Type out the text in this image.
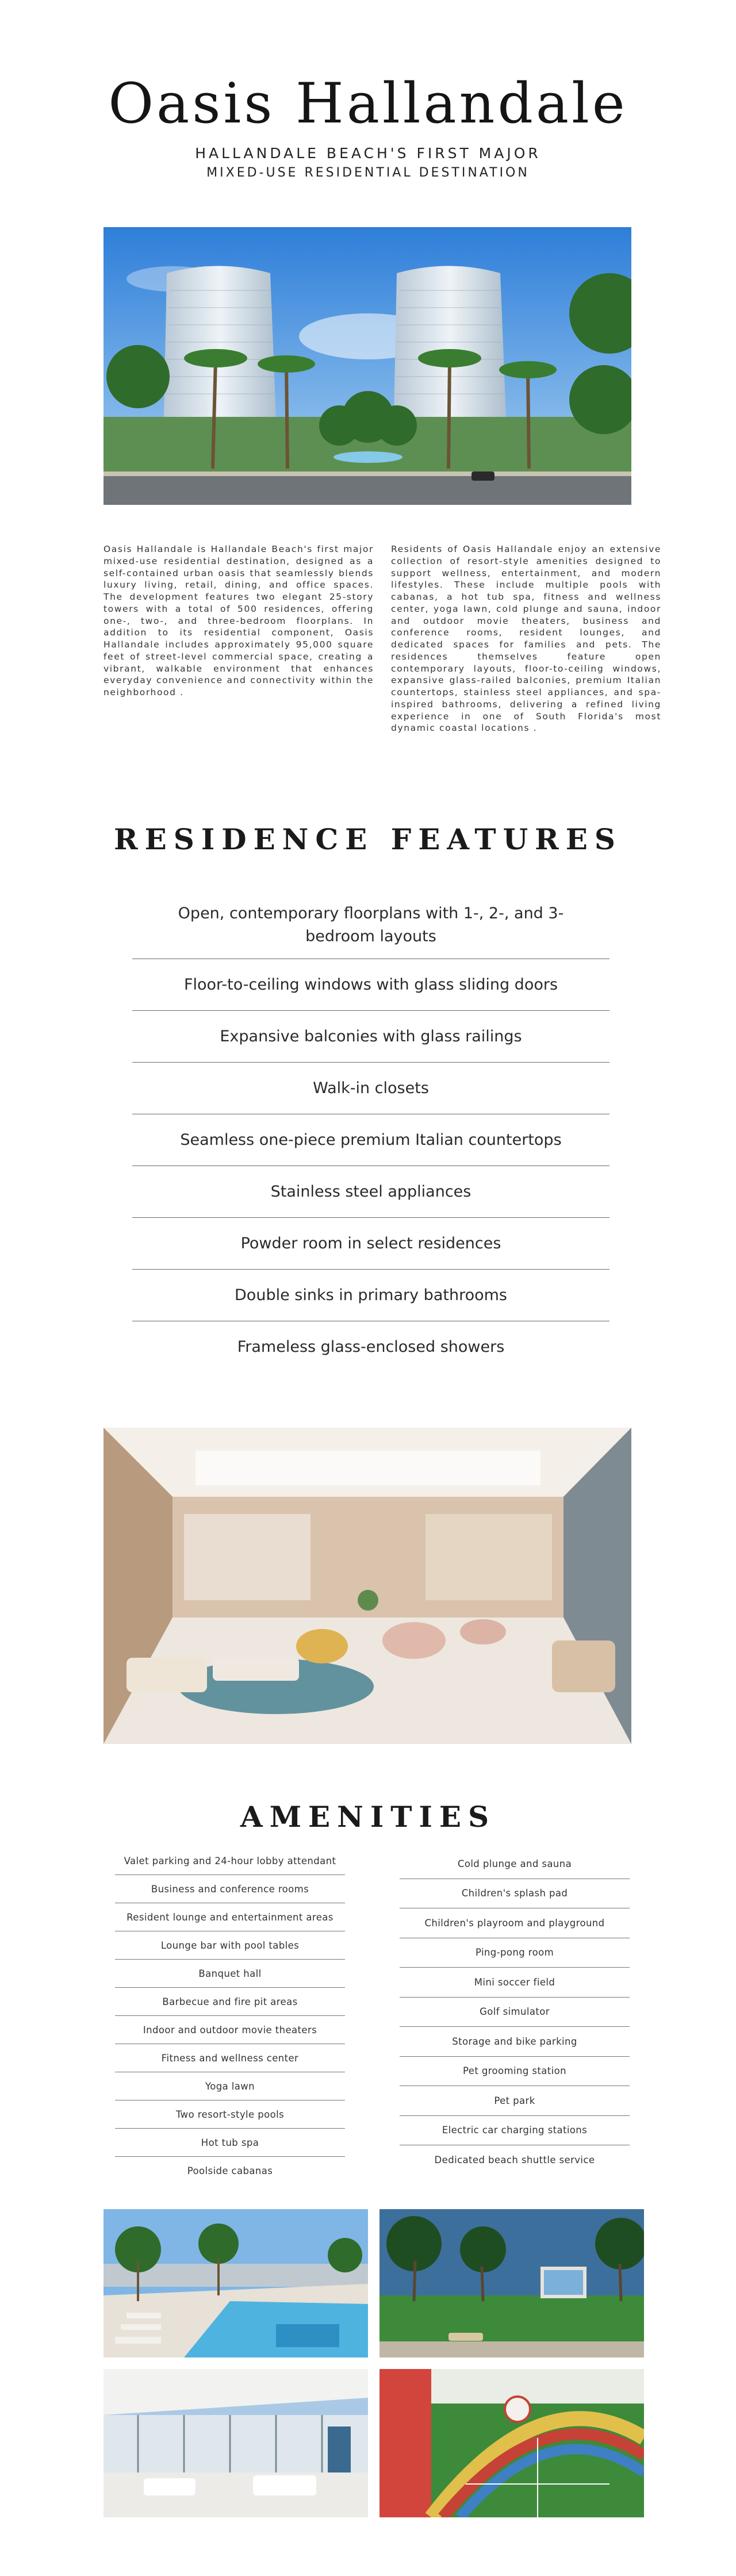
Oasis Hallandale
HALLANDALE BEACH'S FIRST MAJOR
MIXED-USE RESIDENTIAL DESTINATION

Oasis Hallandale is Hallandale Beach's first major mixed-use residential destination, designed as a self-contained urban oasis that seamlessly blends luxury living, retail, dining, and office spaces. The development features two elegant 25-story towers with a total of 500 residences, offering one-, two-, and three-bedroom floorplans. In addition to its residential component, Oasis Hallandale includes approximately 95,000 square feet of street-level commercial space, creating a vibrant, walkable environment that enhances everyday convenience and connectivity within the neighborhood .

Residents of Oasis Hallandale enjoy an extensive collection of resort-style amenities designed to support wellness, entertainment, and modern lifestyles. These include multiple pools with cabanas, a hot tub spa, fitness and wellness center, yoga lawn, cold plunge and sauna, indoor and outdoor movie theaters, business and conference rooms, resident lounges, and dedicated spaces for families and pets. The residences themselves feature open contemporary layouts, floor-to-ceiling windows, expansive glass-railed balconies, premium Italian countertops, stainless steel appliances, and spa-inspired bathrooms, delivering a refined living experience in one of South Florida's most dynamic coastal locations .

RESIDENCE FEATURES
Open, contemporary floorplans with 1-, 2-, and 3-bedroom layouts
Floor-to-ceiling windows with glass sliding doors
Expansive balconies with glass railings
Walk-in closets
Seamless one-piece premium Italian countertops
Stainless steel appliances
Powder room in select residences
Double sinks in primary bathrooms
Frameless glass-enclosed showers
AMENITIES
Valet parking and 24-hour lobby attendant
Business and conference rooms
Resident lounge and entertainment areas
Lounge bar with pool tables
Banquet hall
Barbecue and fire pit areas
Indoor and outdoor movie theaters
Fitness and wellness center
Yoga lawn
Two resort-style pools
Hot tub spa
Poolside cabanas
Cold plunge and sauna
Children's splash pad
Children's playroom and playground
Ping-pong room
Mini soccer field
Golf simulator
Storage and bike parking
Pet grooming station
Pet park
Electric car charging stations
Dedicated beach shuttle service
